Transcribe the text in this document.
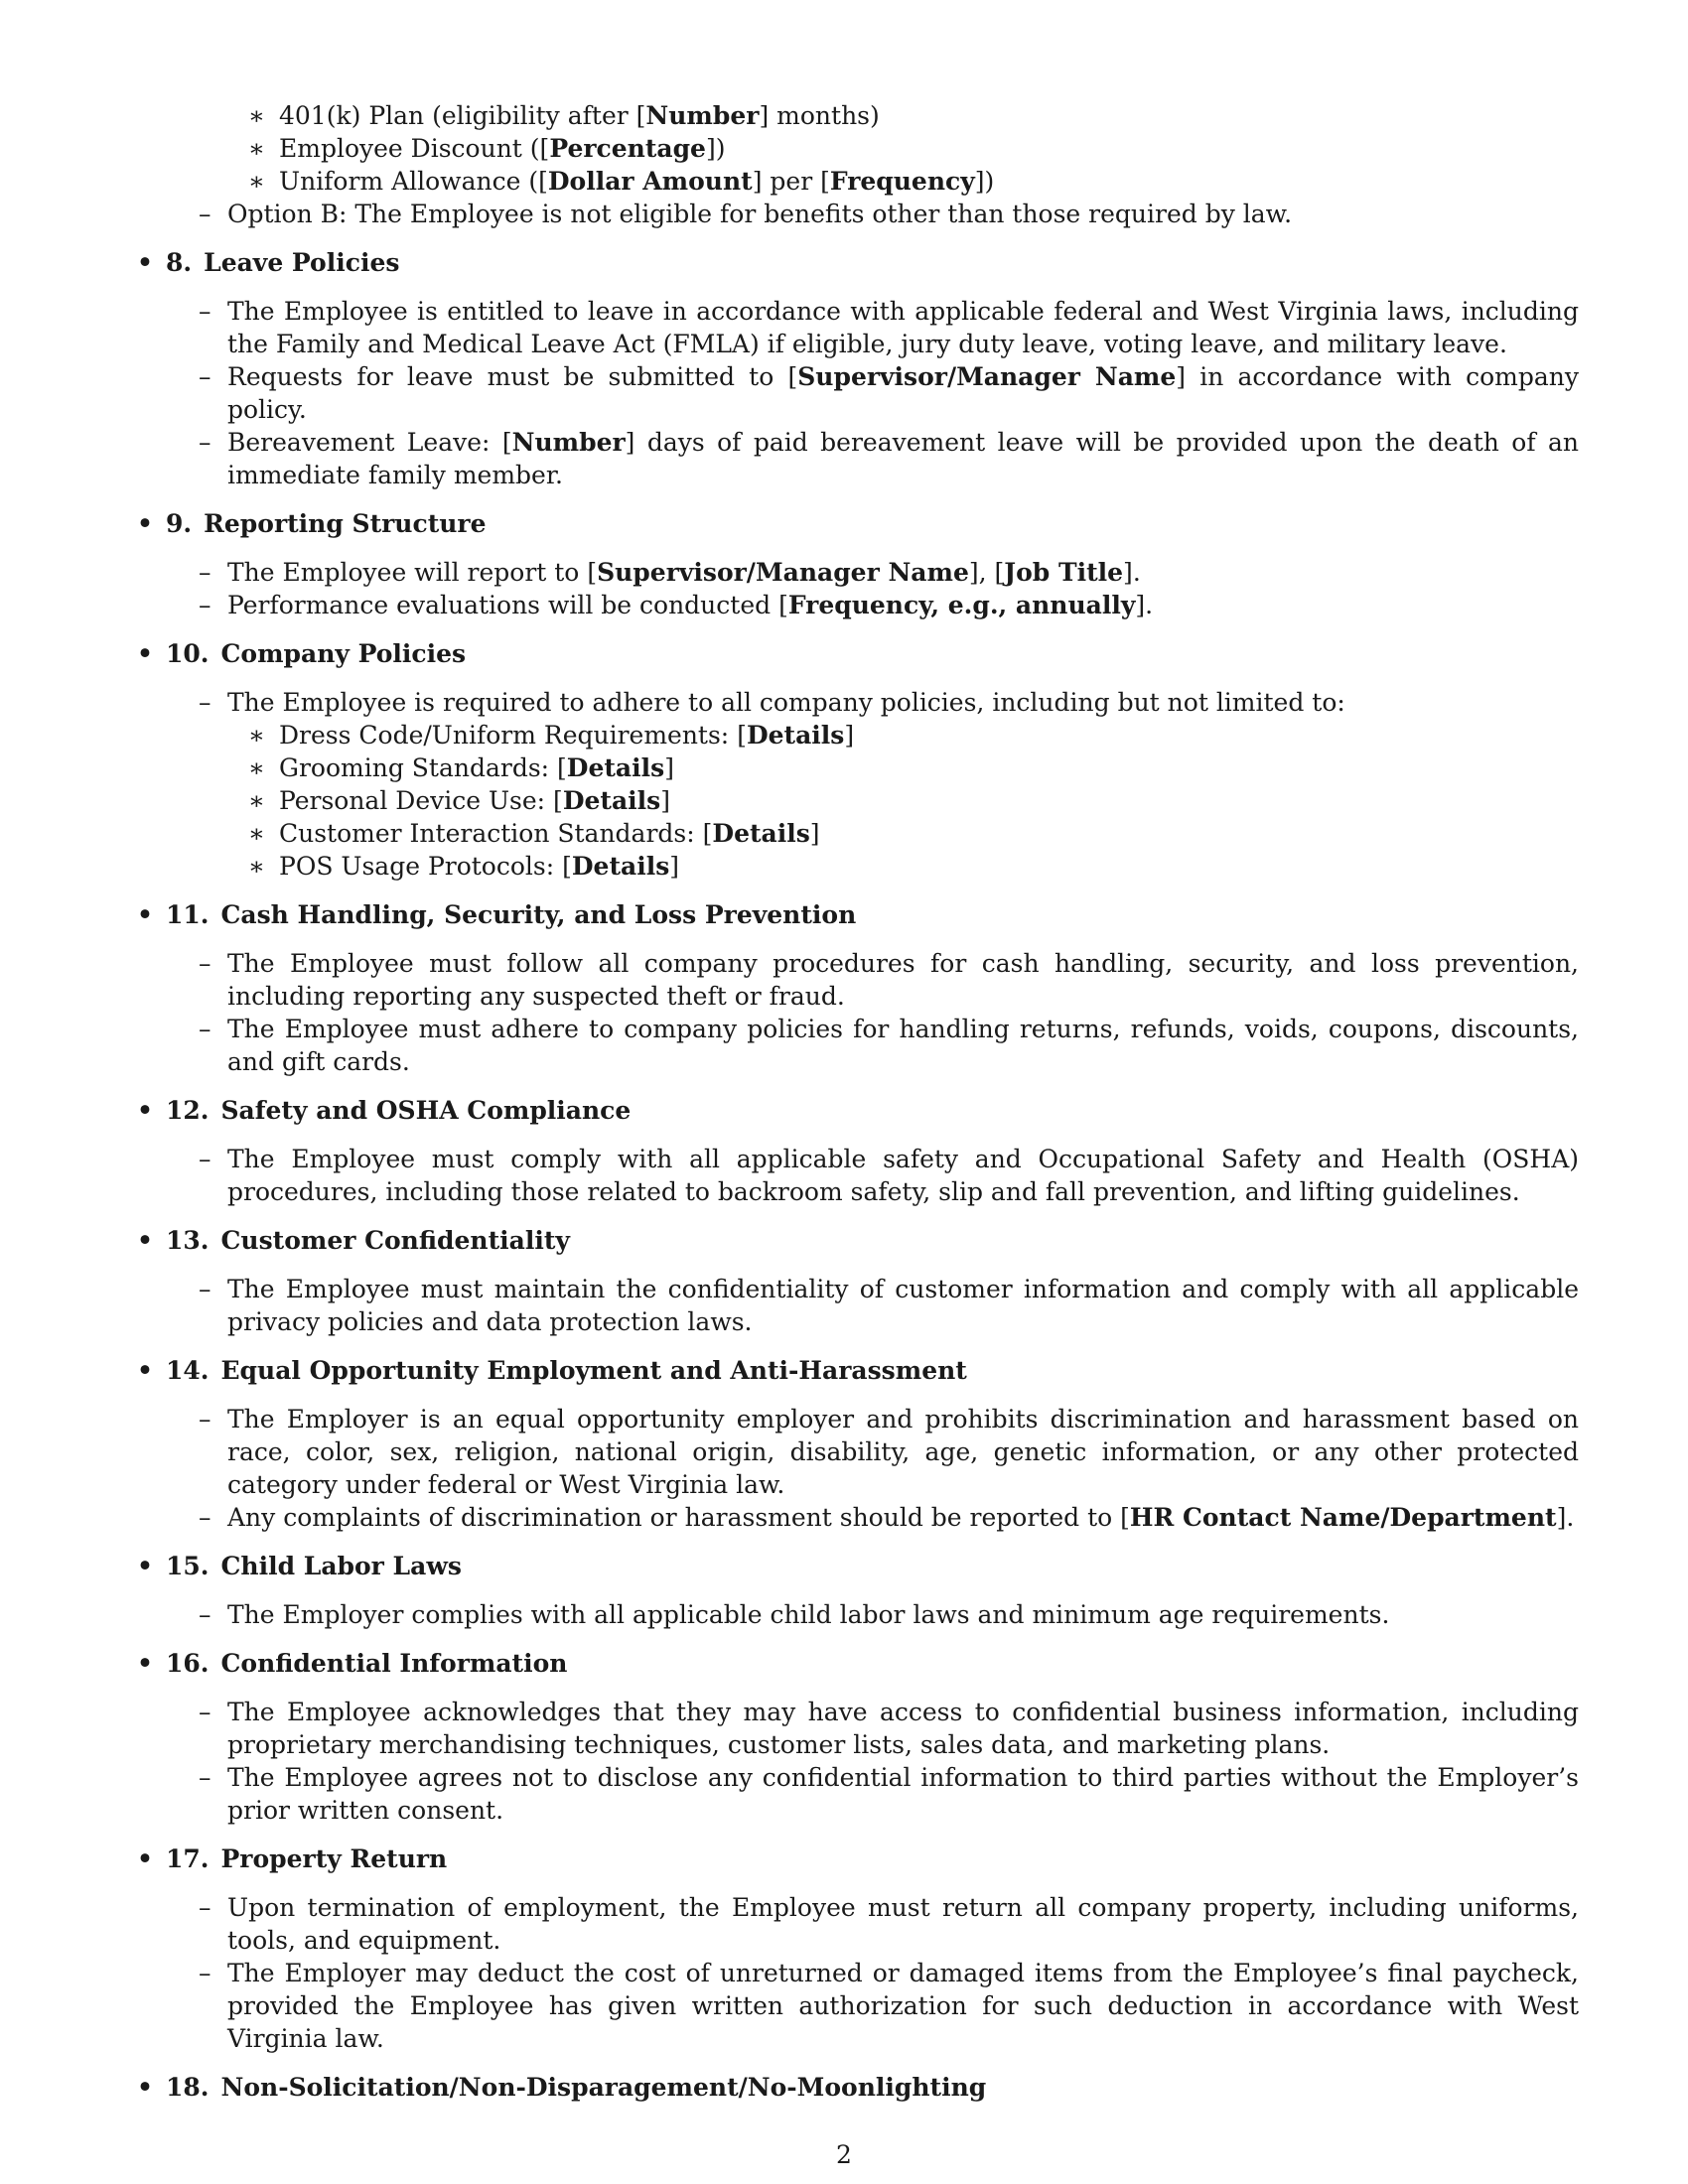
∗ 401(k) Plan (eligibility after [Number] months)
∗ Employee Discount ([Percentage])
∗ Uniform Allowance ([Dollar Amount] per [Frequency])
– Option B: The Employee is not eligible for benefits other than those required by law.
• 8. Leave Policies
– The Employee is entitled to leave in accordance with applicable federal and West Virginia laws, including the Family and Medical Leave Act (FMLA) if eligible, jury duty leave, voting leave, and military leave.
– Requests for leave must be submitted to [Supervisor/Manager Name] in accordance with company policy.
– Bereavement Leave: [Number] days of paid bereavement leave will be provided upon the death of an immediate family member.
• 9. Reporting Structure
– The Employee will report to [Supervisor/Manager Name], [Job Title].
– Performance evaluations will be conducted [Frequency, e.g., annually].
• 10. Company Policies
– The Employee is required to adhere to all company policies, including but not limited to:
∗ Dress Code/Uniform Requirements: [Details]
∗ Grooming Standards: [Details]
∗ Personal Device Use: [Details]
∗ Customer Interaction Standards: [Details]
∗ POS Usage Protocols: [Details]
• 11. Cash Handling, Security, and Loss Prevention
– The Employee must follow all company procedures for cash handling, security, and loss prevention, including reporting any suspected theft or fraud.
– The Employee must adhere to company policies for handling returns, refunds, voids, coupons, discounts, and gift cards.
• 12. Safety and OSHA Compliance
– The Employee must comply with all applicable safety and Occupational Safety and Health (OSHA) procedures, including those related to backroom safety, slip and fall prevention, and lifting guidelines.
• 13. Customer Confidentiality
– The Employee must maintain the confidentiality of customer information and comply with all applicable privacy policies and data protection laws.
• 14. Equal Opportunity Employment and Anti-Harassment
– The Employer is an equal opportunity employer and prohibits discrimination and harassment based on race, color, sex, religion, national origin, disability, age, genetic information, or any other protected category under federal or West Virginia law.
– Any complaints of discrimination or harassment should be reported to [HR Contact Name/Department].
• 15. Child Labor Laws
– The Employer complies with all applicable child labor laws and minimum age requirements.
• 16. Confidential Information
– The Employee acknowledges that they may have access to confidential business information, including proprietary merchandising techniques, customer lists, sales data, and marketing plans.
– The Employee agrees not to disclose any confidential information to third parties without the Employer’s prior written consent.
• 17. Property Return
– Upon termination of employment, the Employee must return all company property, including uniforms, tools, and equipment.
– The Employer may deduct the cost of unreturned or damaged items from the Employee’s final paycheck, provided the Employee has given written authorization for such deduction in accordance with West Virginia law.
• 18. Non-Solicitation/Non-Disparagement/No-Moonlighting
2
